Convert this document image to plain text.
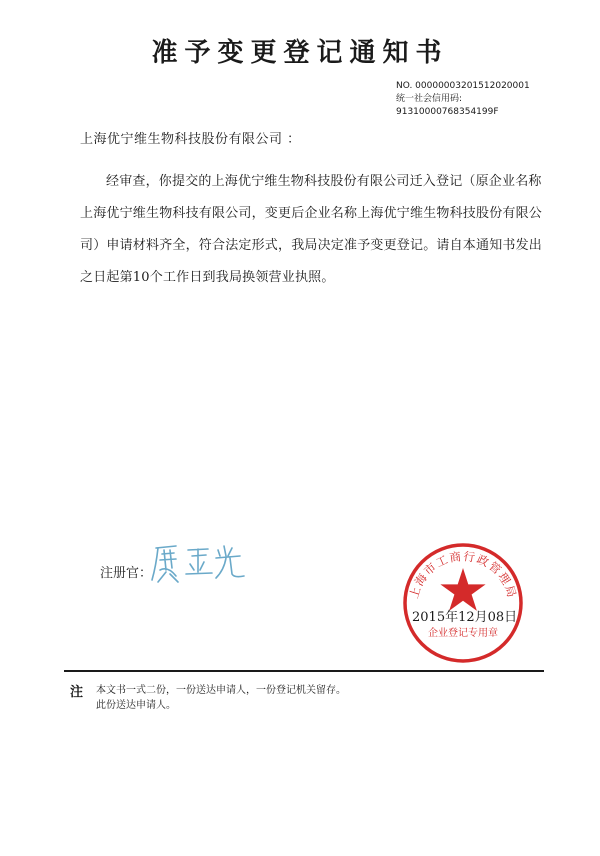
准予变更登记通知书
NO. 00000003201512020001
统一社会信用码:
91310000768354199F
上海优宁维生物科技股份有限公司 ：
经审查，你提交的上海优宁维生物科技股份有限公司迁入登记（原企业名称上海优宁维生物科技有限公司，变更后企业名称上海优宁维生物科技股份有限公司）申请材料齐全，符合法定形式，我局决定准予变更登记。请自本通知书发出之日起第10个工作日到我局换领营业执照。
注册官：
上海市工商行政管理局
企业登记专用章
2015年12月08日
注 本文书一式二份，一份送达申请人，一份登记机关留存。
此份送达申请人。
